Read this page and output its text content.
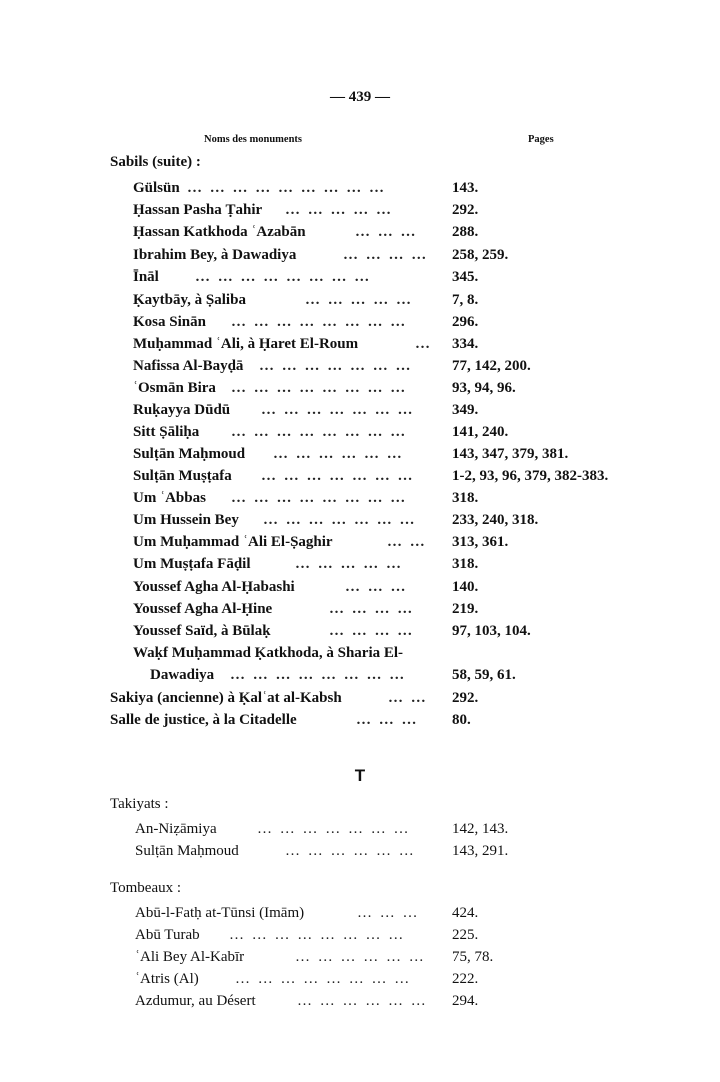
— 439 —
Noms des monuments	Pages
Sabils (suite) :
Gülsün … … … … … … … … …	143.
Ḥassan Pasha Ṭahir … … … … …	292.
Ḥassan Katkhoda ʿAzabān	… … …	288.
Ibrahim Bey, à Dawadiya	… … … …	258, 259.
Īnāl … … … … … … … …	345.
Ḳaytbāy, à Ṣaliba	… … … … …	7, 8.
Kosa Sinān … … … … … … … …	296.
Muḥammad ʿAli, à Ḥaret El-Roum	…	334.
Nafissa Al-Bayḍā … … … … … … …	77, 142, 200.
ʿOsmān Bira … … … … … … … …	93, 94, 96.
Ruḳayya Dūdū … … … … … … …	349.
Sitt Ṣāliḥa … … … … … … … …	141, 240.
Sulṭān Maḥmoud … … … … … …	143, 347, 379, 381.
Sulṭān Muṣṭafa … … … … … … …	1-2, 93, 96, 379, 382-383.
Um ʿAbbas … … … … … … … …	318.
Um Hussein Bey … … … … … … …	233, 240, 318.
Um Muḥammad ʿAli El-Ṣaghir	… …	313, 361.
Um Muṣṭafa Fāḍil	… … … … …	318.
Youssef Agha Al-Ḥabashi	… … …	140.
Youssef Agha Al-Ḥine	… … … …	219.
Youssef Saïd, à Būlaḳ	… … … …	97, 103, 104.
Waḳf Muḥammad Ḳatkhoda, à Sharia El-
Dawadiya … … … … … … … …	58, 59, 61.
Sakiya (ancienne) à Ḳalʿat al-Kabsh	… …	292.
Salle de justice, à la Citadelle	… … …	80.
T
Takiyats :
An-Niẓāmiya	… … … … … … …	142, 143.
Sulṭān Maḥmoud	… … … … … …	143, 291.
Tombeaux :
Abū-l-Fatḥ at-Tūnsi (Imām)	… … …	424.
Abū Turab … … … … … … … …	225.
ʿAli Bey Al-Kabīr	… … … … … …	75, 78.
ʿAtris (Al) … … … … … … … …	222.
Azdumur, au Désert	… … … … … …	294.
